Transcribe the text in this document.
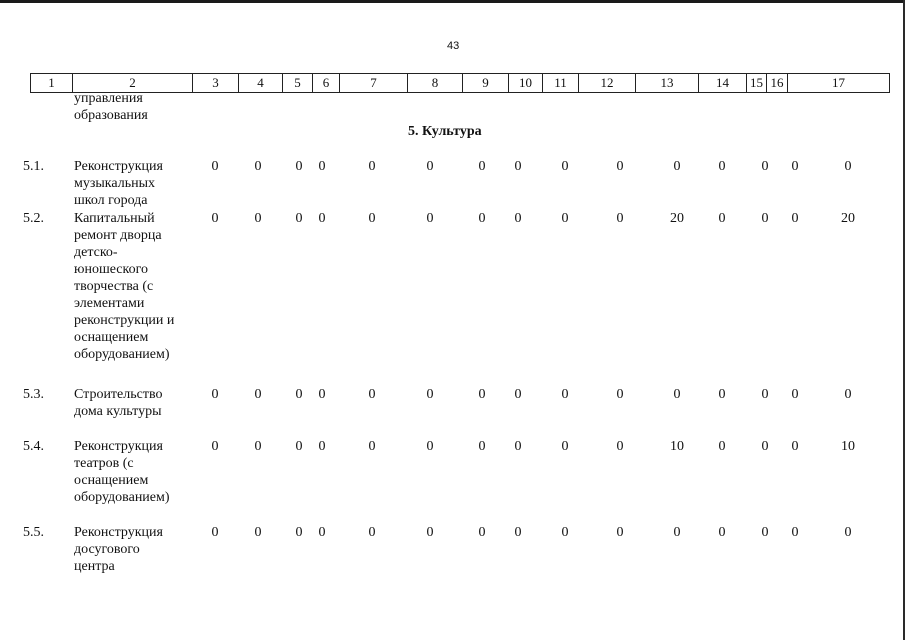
43
1	2	3	4	5	6	7	8	9	10	11	12	13	14	15 16	17
управления
образования
5. Культура
5.1. Реконструкция
музыкальных
школ города
0	0	0	0	0	0	0	0	0	0	0	0	0	0	0
5.2. Капитальный
ремонт дворца
детско-
юношеского
творчества (с
элементами
реконструкции и
оснащением
оборудованием)
0	0	0	0	0	0	0	0	0	0	20	0	0	0	20
5.3. Строительство
дома культуры
0	0	0	0	0	0	0	0	0	0	0	0	0	0	0
5.4. Реконструкция
театров (с
оснащением
оборудованием)
0	0	0	0	0	0	0	0	0	0	10	0	0	0	10
5.5. Реконструкция
досугового
центра
0	0	0	0	0	0	0	0	0	0	0	0	0	0	0
